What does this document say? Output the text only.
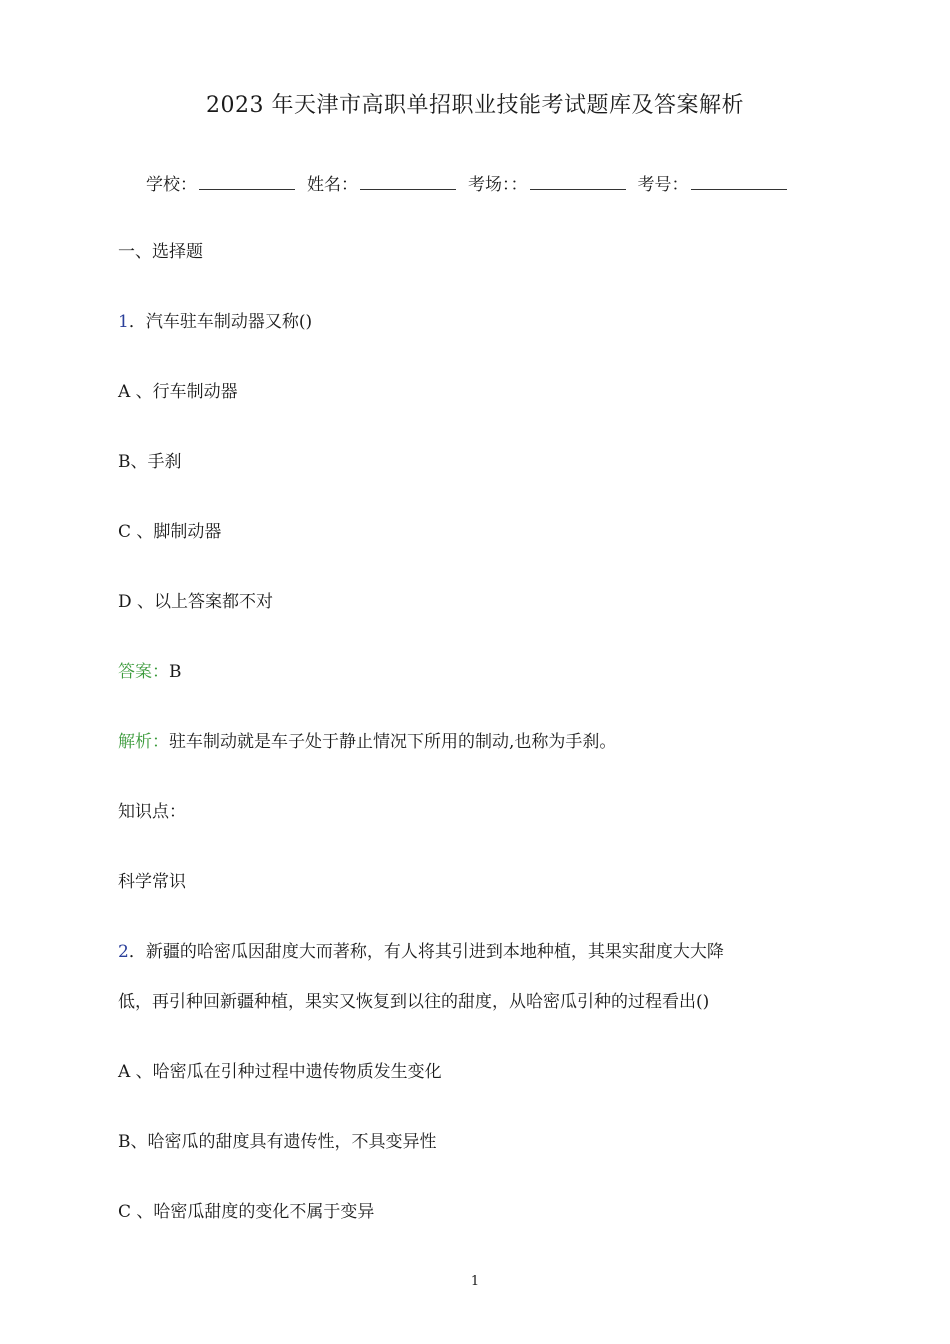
2023 年天津市高职单招职业技能考试题库及答案解析
学校：	姓名：	考场：：	考号：
一、选择题
1．汽车驻车制动器又称()
A 、行车制动器
B、手刹
C 、脚制动器
D 、以上答案都不对
答案：B
解析：驻车制动就是车子处于静止情况下所用的制动,也称为手刹。
知识点：
科学常识
2．新疆的哈密瓜因甜度大而著称，有人将其引进到本地种植，其果实甜度大大降
低，再引种回新疆种植，果实又恢复到以往的甜度，从哈密瓜引种的过程看出()
A 、哈密瓜在引种过程中遗传物质发生变化
B、哈密瓜的甜度具有遗传性，不具变异性
C 、哈密瓜甜度的变化不属于变异
1
